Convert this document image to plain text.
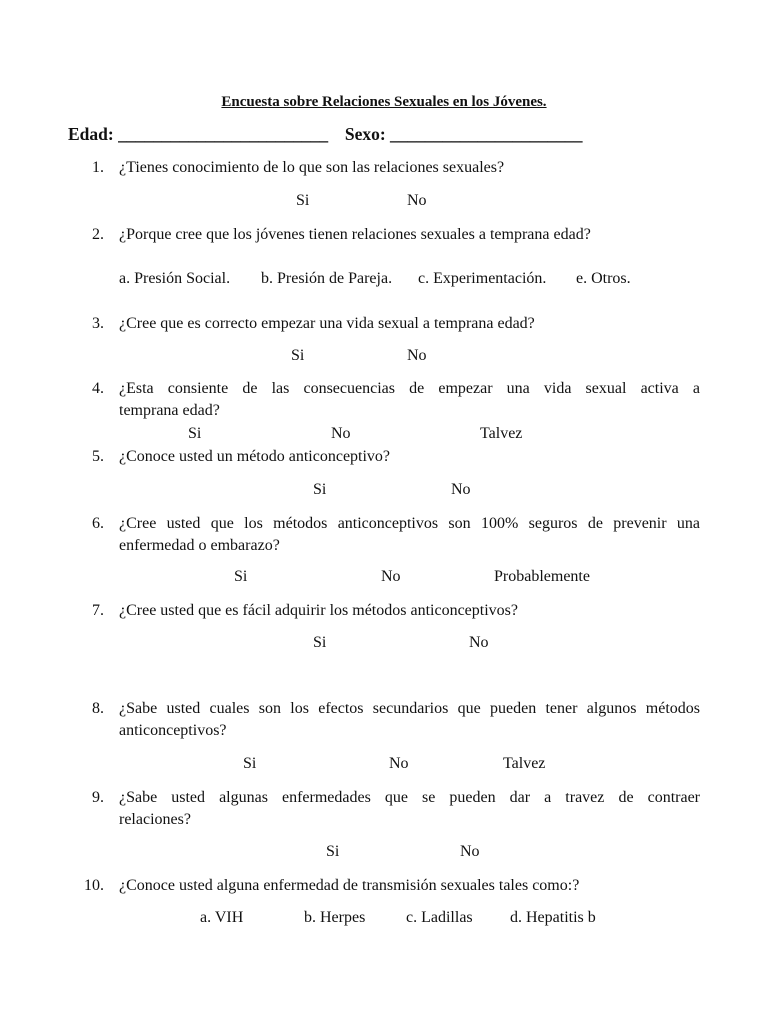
Encuesta sobre Relaciones Sexuales en los Jóvenes.
Edad: ________________________ Sexo: ______________________
1. ¿Tienes conocimiento de lo que son las relaciones sexuales?
Si	No
2. ¿Porque cree que los jóvenes tienen relaciones sexuales a temprana edad?
a. Presión Social. b. Presión de Pareja. c. Experimentación. e. Otros.
3. ¿Cree que es correcto empezar una vida sexual a temprana edad?
Si	No
4. ¿Esta consiente de las consecuencias de empezar una vida sexual activa a
temprana edad?
Si	No	Talvez
5. ¿Conoce usted un método anticonceptivo?
Si	No
6. ¿Cree usted que los métodos anticonceptivos son 100% seguros de prevenir una
enfermedad o embarazo?
Si	No	Probablemente
7. ¿Cree usted que es fácil adquirir los métodos anticonceptivos?
Si	No
8. ¿Sabe usted cuales son los efectos secundarios que pueden tener algunos métodos
anticonceptivos?
Si	No	Talvez
9. ¿Sabe usted algunas enfermedades que se pueden dar a travez de contraer
relaciones?
Si	No
10. ¿Conoce usted alguna enfermedad de transmisión sexuales tales como:?
a. VIH	b. Herpes	c. Ladillas d. Hepatitis b
